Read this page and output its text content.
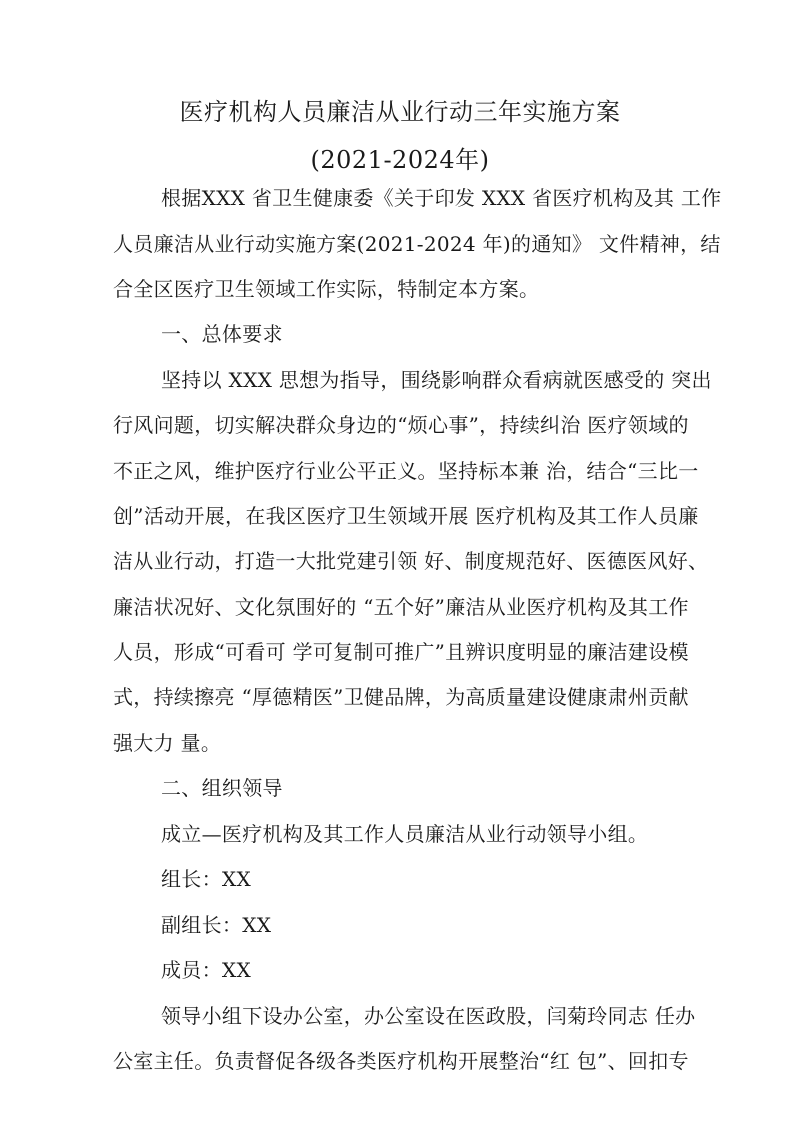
医疗机构人员廉洁从业行动三年实施方案
(2021-2024年)
根据XXX 省卫生健康委《关于印发 XXX 省医疗机构及其 工作
人员廉洁从业行动实施方案(2021-2024 年)的通知》 文件精神，结
合全区医疗卫生领域工作实际，特制定本方案。
一、总体要求
坚持以 XXX 思想为指导，围绕影响群众看病就医感受的 突出
行风问题，切实解决群众身边的“烦心事”，持续纠治 医疗领域的
不正之风，维护医疗行业公平正义。坚持标本兼 治，结合“三比一
创”活动开展，在我区医疗卫生领域开展 医疗机构及其工作人员廉
洁从业行动，打造一大批党建引领 好、制度规范好、医德医风好、
廉洁状况好、文化氛围好的 “五个好”廉洁从业医疗机构及其工作
人员，形成“可看可 学可复制可推广”且辨识度明显的廉洁建设模
式，持续擦亮 “厚德精医”卫健品牌，为高质量建设健康肃州贡献
强大力 量。
二、组织领导
成立—医疗机构及其工作人员廉洁从业行动领导小组。
组长：XX
副组长：XX
成员：XX
领导小组下设办公室，办公室设在医政股，闫菊玲同志 任办
公室主任。负责督促各级各类医疗机构开展整治“红 包”、回扣专
